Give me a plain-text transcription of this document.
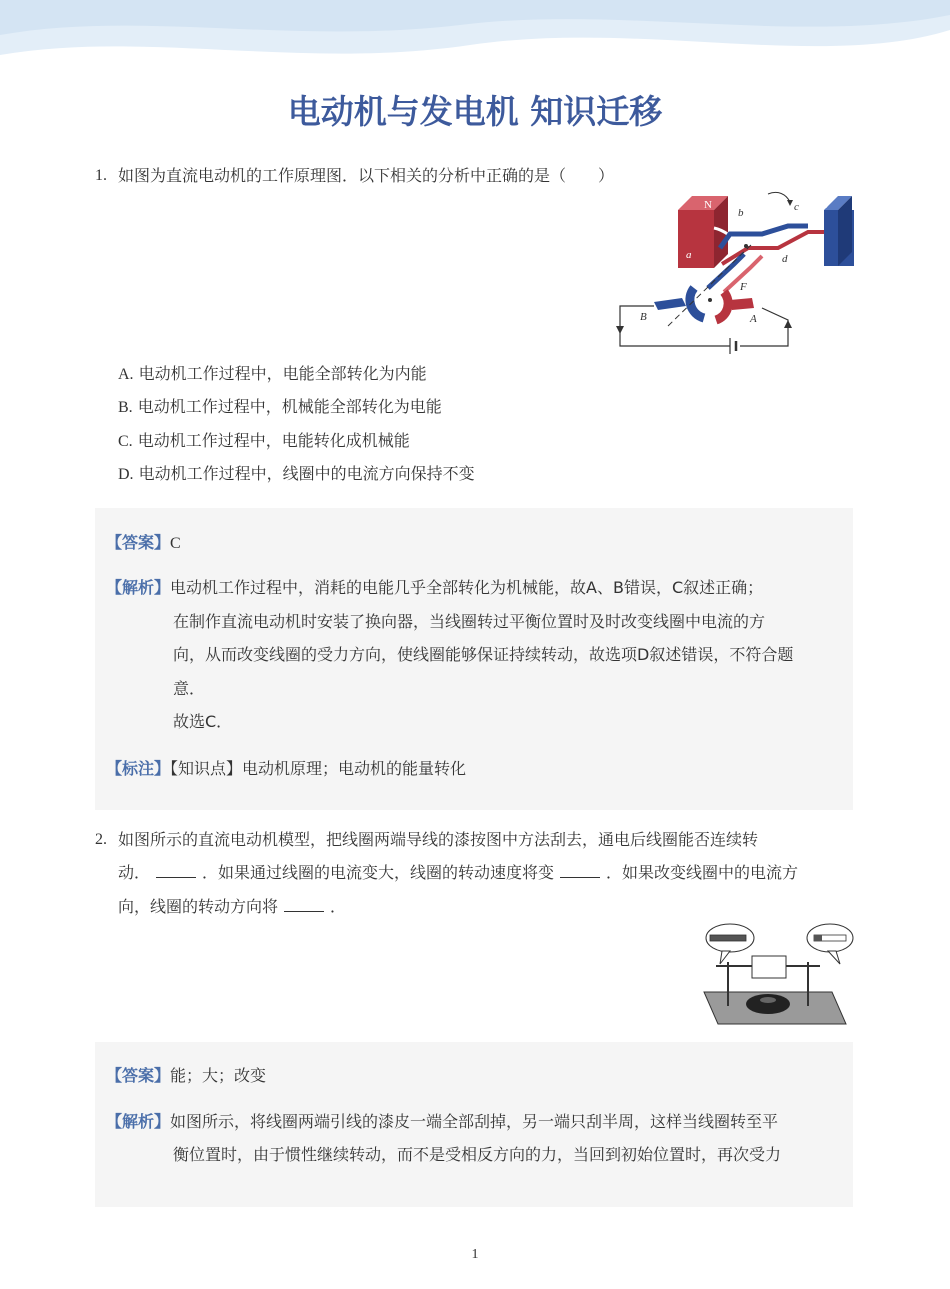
电动机与发电机 知识迁移
1. 如图为直流电动机的工作原理图．以下相关的分析中正确的是（　　）
N	S
a
b	c
d
F
A
B
A. 电动机工作过程中，电能全部转化为内能
B. 电动机工作过程中，机械能全部转化为电能
C. 电动机工作过程中，电能转化成机械能
D. 电动机工作过程中，线圈中的电流方向保持不变
【答案】C
【解析】电动机工作过程中，消耗的电能几乎全部转化为机械能，故A、B错误，C叙述正确；
在制作直流电动机时安装了换向器，当线圈转过平衡位置时及时改变线圈中电流的方
向，从而改变线圈的受力方向，使线圈能够保证持续转动，故选项D叙述错误，不符合题
意．
故选C．
【标注】【知识点】电动机原理；电动机的能量转化
2. 如图所示的直流电动机模型，把线圈两端导线的漆按图中方法刮去，通电后线圈能否连续转
动．	．如果通过线圈的电流变大，线圈的转动速度将变	．如果改变线圈中的电流方
向，线圈的转动方向将	．
【答案】能；大；改变
【解析】如图所示，将线圈两端引线的漆皮一端全部刮掉，另一端只刮半周，这样当线圈转至平
衡位置时，由于惯性继续转动，而不是受相反方向的力，当回到初始位置时，再次受力
1
